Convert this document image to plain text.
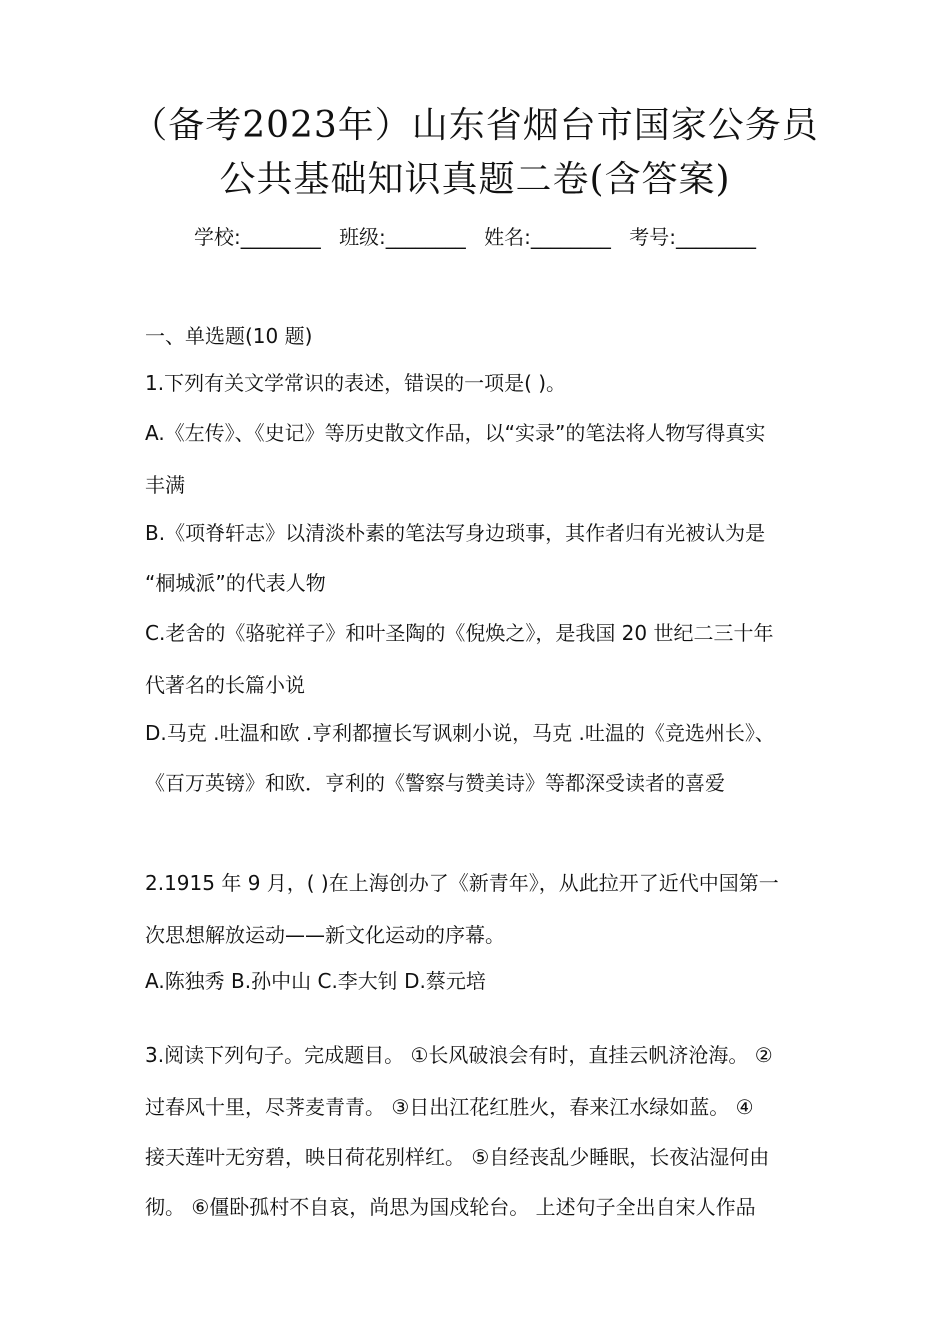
（备考2023年）山东省烟台市国家公务员
公共基础知识真题二卷(含答案)
学校:________ 班级:________ 姓名:________ 考号:________
一、单选题(10 题)
1.下列有关文学常识的表述，错误的一项是( )。
A.《左传》、《史记》等历史散文作品，以“实录”的笔法将人物写得真实
丰满
B.《项脊轩志》以清淡朴素的笔法写身边琐事，其作者归有光被认为是
“桐城派”的代表人物
C.老舍的《骆驼祥子》和叶圣陶的《倪焕之》，是我国 20 世纪二三十年
代著名的长篇小说
D.马克 .吐温和欧 .亨利都擅长写讽刺小说，马克 .吐温的《竞选州长》、
《百万英镑》和欧．亨利的《警察与赞美诗》等都深受读者的喜爱
2.1915 年 9 月，( )在上海创办了《新青年》，从此拉开了近代中国第一
次思想解放运动——新文化运动的序幕。
A.陈独秀 B.孙中山 C.李大钊 D.蔡元培
3.阅读下列句子。完成题目。 ①长风破浪会有时，直挂云帆济沧海。 ②
过春风十里，尽荠麦青青。 ③日出江花红胜火，春来江水绿如蓝。 ④
接天莲叶无穷碧，映日荷花别样红。 ⑤自经丧乱少睡眠，长夜沾湿何由
彻。 ⑥僵卧孤村不自哀，尚思为国戍轮台。 上述句子全出自宋人作品
